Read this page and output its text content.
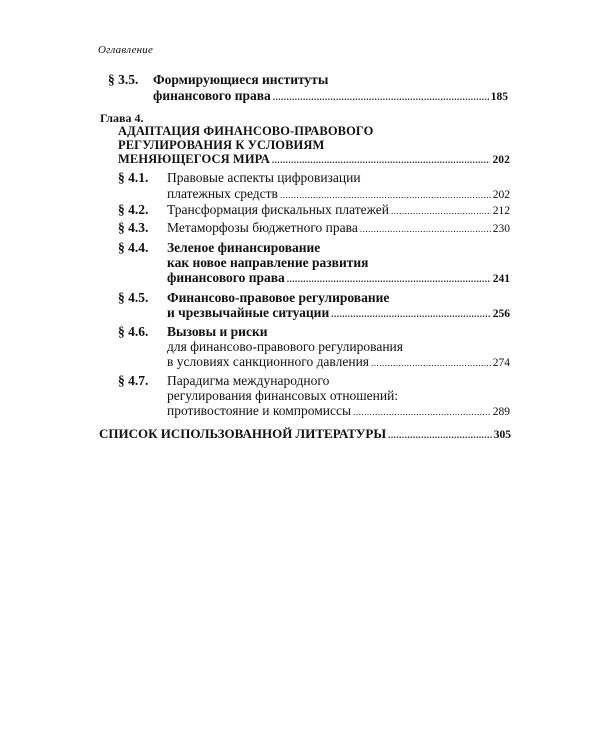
Оглавление
§ 3.5. Формирующиеся институты
финансового права .....	185
Глава 4.
АДАПТАЦИЯ ФИНАНСОВО-ПРАВОВОГО
РЕГУЛИРОВАНИЯ К УСЛОВИЯМ
МЕНЯЮЩЕГОСЯ МИРА .....	202
§ 4.1. Правовые аспекты цифровизации
платежных средств .....	202
§ 4.2. Трансформация фискальных платежей .....	212
§ 4.3. Метаморфозы бюджетного права .....	230
§ 4.4. Зеленое финансирование
как новое направление развития
финансового права .....	241
§ 4.5. Финансово-правовое регулирование
и чрезвычайные ситуации .....	256
§ 4.6. Вызовы и риски
для финансово-правового регулирования
в условиях санкционного давления .....	274
§ 4.7. Парадигма международного
регулирования финансовых отношений:
противостояние и компромиссы .....	289
СПИСОК ИСПОЛЬЗОВАННОЙ ЛИТЕРАТУРЫ .....	305
